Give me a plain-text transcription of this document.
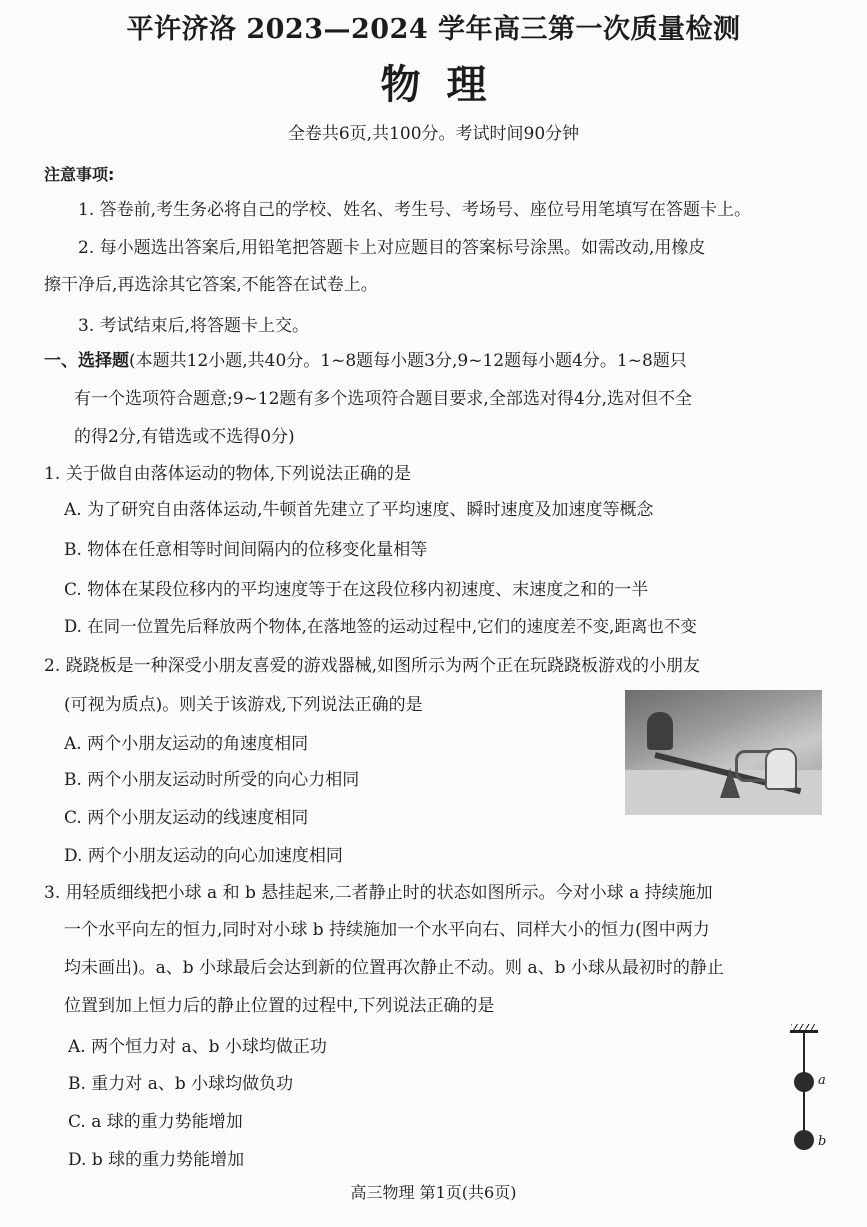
平许济洛 2023—2024 学年高三第一次质量检测
物理
全卷共6页,共100分。考试时间90分钟
注意事项:
1. 答卷前,考生务必将自己的学校、姓名、考生号、考场号、座位号用笔填写在答题卡上。
2. 每小题选出答案后,用铅笔把答题卡上对应题目的答案标号涂黑。如需改动,用橡皮
擦干净后,再选涂其它答案,不能答在试卷上。
3. 考试结束后,将答题卡上交。
一、选择题(本题共12小题,共40分。1~8题每小题3分,9~12题每小题4分。1~8题只
有一个选项符合题意;9~12题有多个选项符合题目要求,全部选对得4分,选对但不全
的得2分,有错选或不选得0分)
1. 关于做自由落体运动的物体,下列说法正确的是
A. 为了研究自由落体运动,牛顿首先建立了平均速度、瞬时速度及加速度等概念
B. 物体在任意相等时间间隔内的位移变化量相等
C. 物体在某段位移内的平均速度等于在这段位移内初速度、末速度之和的一半
D. 在同一位置先后释放两个物体,在落地签的运动过程中,它们的速度差不变,距离也不变
2. 跷跷板是一种深受小朋友喜爱的游戏器械,如图所示为两个正在玩跷跷板游戏的小朋友
(可视为质点)。则关于该游戏,下列说法正确的是
A. 两个小朋友运动的角速度相同
B. 两个小朋友运动时所受的向心力相同
C. 两个小朋友运动的线速度相同
D. 两个小朋友运动的向心加速度相同
3. 用轻质细线把小球 a 和 b 悬挂起来,二者静止时的状态如图所示。今对小球 a 持续施加
一个水平向左的恒力,同时对小球 b 持续施加一个水平向右、同样大小的恒力(图中两力
均未画出)。a、b 小球最后会达到新的位置再次静止不动。则 a、b 小球从最初时的静止
位置到加上恒力后的静止位置的过程中,下列说法正确的是
A. 两个恒力对 a、b 小球均做正功
B. 重力对 a、b 小球均做负功
C. a 球的重力势能增加
D. b 球的重力势能增加
a
b
高三物理 第1页(共6页)
